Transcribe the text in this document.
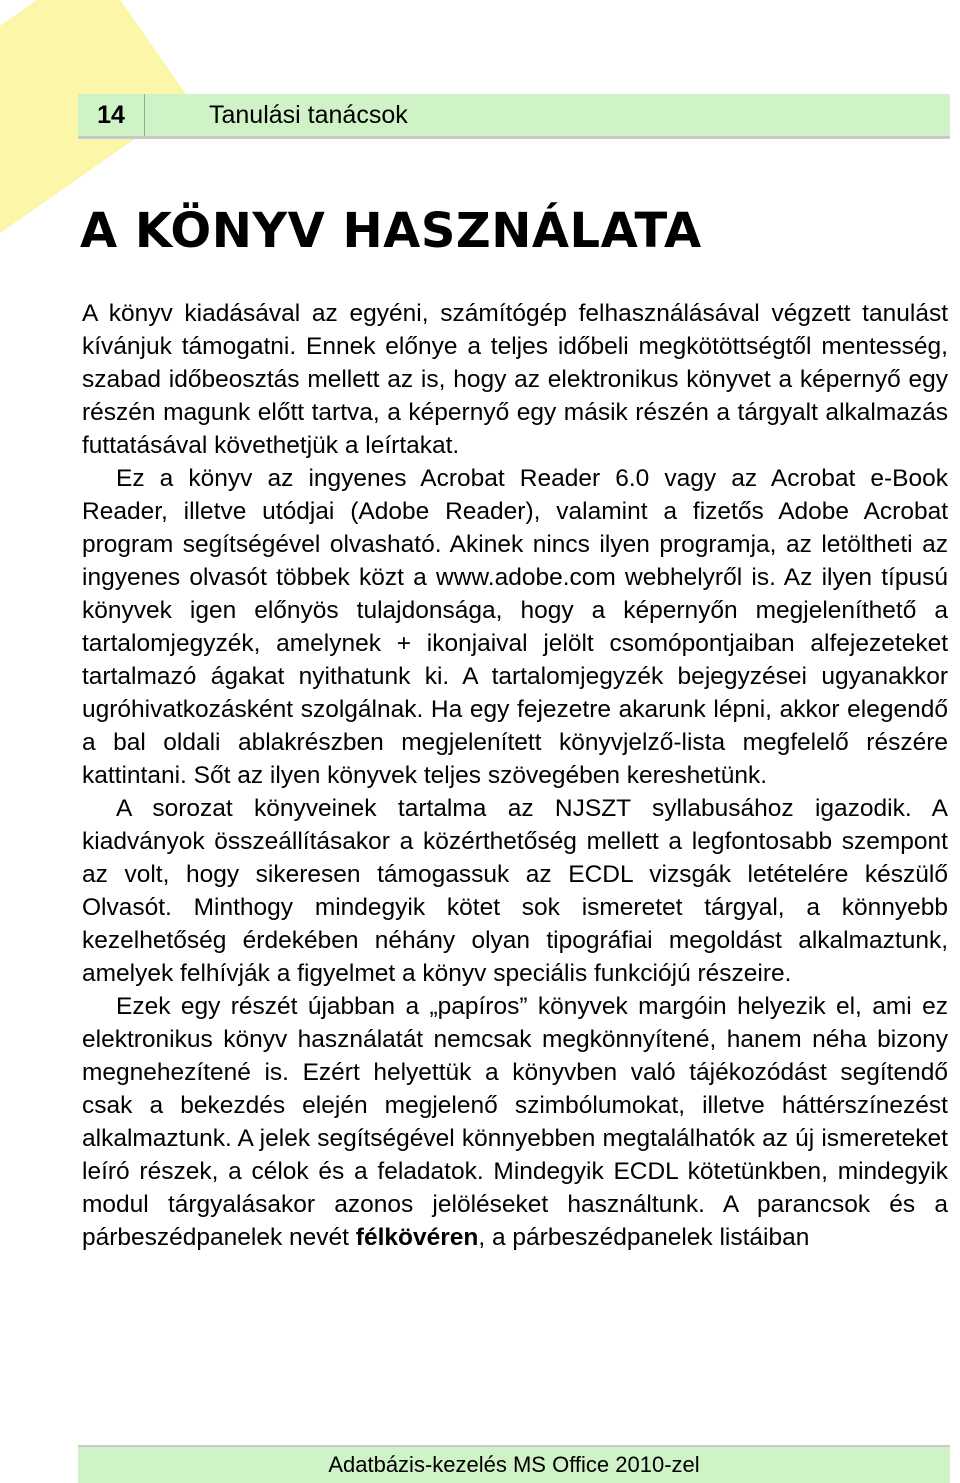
14	Tanulási tanácsok
A KÖNYV HASZNÁLATA

A könyv kiadásával az egyéni, számítógép felhasználásával végzett tanulást kívánjuk támogatni. Ennek előnye a teljes időbeli megkötöttségtől mentesség, szabad időbeosztás mellett az is, hogy az elektronikus könyvet a képernyő egy részén magunk előtt tartva, a képernyő egy másik részén a tárgyalt alkalmazás futtatásával követhetjük a leírtakat.

Ez a könyv az ingyenes Acrobat Reader 6.0 vagy az Acrobat e-Book Reader, illetve utódjai (Adobe Reader), valamint a fizetős Adobe Acrobat program segítségével olvasható. Akinek nincs ilyen programja, az letöltheti az ingyenes olvasót többek közt a www.adobe.com webhelyről is. Az ilyen típusú könyvek igen előnyös tulajdonsága, hogy a képernyőn megjeleníthető a tartalomjegyzék, amelynek + ikonjaival jelölt csomópontjaiban alfejezeteket tartalmazó ágakat nyithatunk ki. A tartalomjegyzék bejegyzései ugyanakkor ugróhivatkozásként szolgálnak. Ha egy fejezetre akarunk lépni, akkor elegendő a bal oldali ablakrészben megjelenített könyvjelző-lista megfelelő részére kattintani. Sőt az ilyen könyvek teljes szövegében kereshetünk.

A sorozat könyveinek tartalma az NJSZT syllabusához igazodik. A kiadványok összeállításakor a közérthetőség mellett a legfontosabb szempont az volt, hogy sikeresen támogassuk az ECDL vizsgák letételére készülő Olvasót. Minthogy mindegyik kötet sok ismeretet tárgyal, a könnyebb kezelhetőség érdekében néhány olyan tipográfiai megoldást alkalmaztunk, amelyek felhívják a figyelmet a könyv speciális funkciójú részeire.

Ezek egy részét újabban a „papíros” könyvek margóin helyezik el, ami ez elektronikus könyv használatát nemcsak megkönnyítené, hanem néha bizony megnehezítené is. Ezért helyettük a könyvben való tájékozódást segítendő csak a bekezdés elején megjelenő szimbólumokat, illetve háttérszínezést alkalmaztunk. A jelek segítségével könnyebben megtalálhatók az új ismereteket leíró részek, a célok és a feladatok. Mindegyik ECDL kötetünkben, mindegyik modul tárgyalásakor azonos jelöléseket használtunk. A parancsok és a párbeszédpanelek nevét félkövéren, a párbeszédpanelek listáiban

Adatbázis-kezelés MS Office 2010-zel
